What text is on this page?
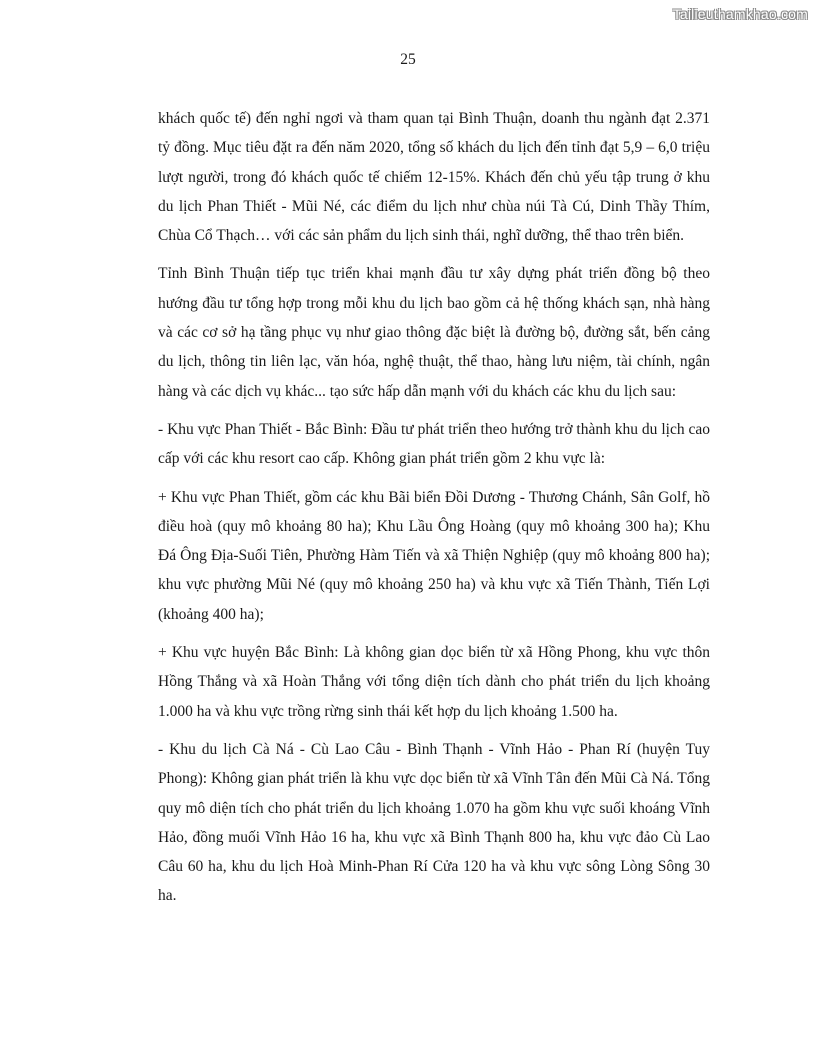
Tailieuthamkhao.com
25

khách quốc tế) đến nghỉ ngơi và tham quan tại Bình Thuận, doanh thu ngành đạt 2.371 tỷ đồng. Mục tiêu đặt ra đến năm 2020, tổng số khách du lịch đến tỉnh đạt 5,9 – 6,0 triệu lượt người, trong đó khách quốc tế chiếm 12-15%. Khách đến chủ yếu tập trung ở khu du lịch Phan Thiết - Mũi Né, các điểm du lịch như chùa núi Tà Cú, Dinh Thầy Thím, Chùa Cổ Thạch… với các sản phẩm du lịch sinh thái, nghĩ dưỡng, thể thao trên biển.

Tỉnh Bình Thuận tiếp tục triển khai mạnh đầu tư xây dựng phát triển đồng bộ theo hướng đầu tư tổng hợp trong mỗi khu du lịch bao gồm cả hệ thống khách sạn, nhà hàng và các cơ sở hạ tầng phục vụ như giao thông đặc biệt là đường bộ, đường sắt, bến cảng du lịch, thông tin liên lạc, văn hóa, nghệ thuật, thể thao, hàng lưu niệm, tài chính, ngân hàng và các dịch vụ khác... tạo sức hấp dẫn mạnh với du khách các khu du lịch sau:

- Khu vực Phan Thiết - Bắc Bình: Đầu tư phát triển theo hướng trở thành khu du lịch cao cấp với các khu resort cao cấp. Không gian phát triển gồm 2 khu vực là:

+ Khu vực Phan Thiết, gồm các khu Bãi biển Đồi Dương - Thương Chánh, Sân Golf, hồ điều hoà (quy mô khoảng 80 ha); Khu Lầu Ông Hoàng (quy mô khoảng 300 ha); Khu Đá Ông Địa-Suối Tiên, Phường Hàm Tiến và xã Thiện Nghiệp (quy mô khoảng 800 ha); khu vực phường Mũi Né (quy mô khoảng 250 ha) và khu vực xã Tiến Thành, Tiến Lợi (khoảng 400 ha);

+ Khu vực huyện Bắc Bình: Là không gian dọc biển từ xã Hồng Phong, khu vực thôn Hồng Thắng và xã Hoàn Thắng với tổng diện tích dành cho phát triển du lịch khoảng 1.000 ha và khu vực trồng rừng sinh thái kết hợp du lịch khoảng 1.500 ha.

- Khu du lịch Cà Ná - Cù Lao Câu - Bình Thạnh - Vĩnh Hảo - Phan Rí (huyện Tuy Phong): Không gian phát triển là khu vực dọc biển từ xã Vĩnh Tân đến Mũi Cà Ná. Tổng quy mô diện tích cho phát triển du lịch khoảng 1.070 ha gồm khu vực suối khoáng Vĩnh Hảo, đồng muối Vĩnh Hảo 16 ha, khu vực xã Bình Thạnh 800 ha, khu vực đảo Cù Lao Câu 60 ha, khu du lịch Hoà Minh-Phan Rí Cửa 120 ha và khu vực sông Lòng Sông 30 ha.
